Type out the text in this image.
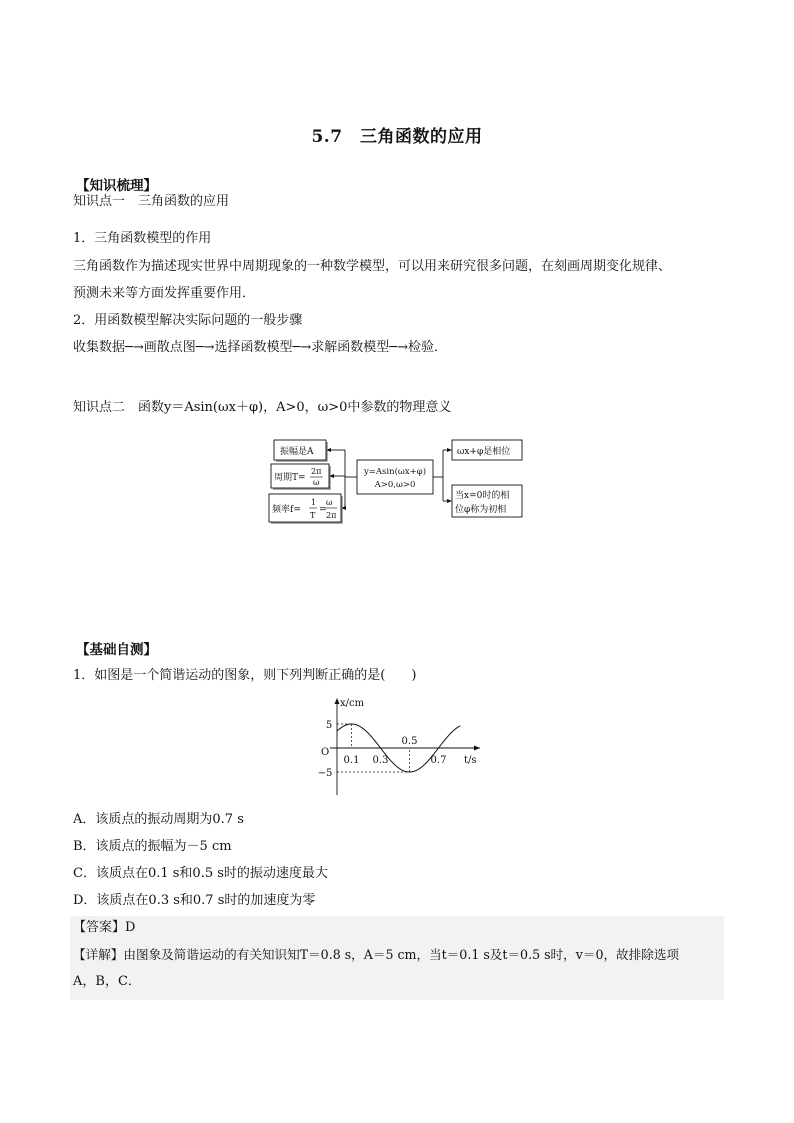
5.7　三角函数的应用
【知识梳理】
知识点一　三角函数的应用
1．三角函数模型的作用
三角函数作为描述现实世界中周期现象的一种数学模型，可以用来研究很多问题，在刻画周期变化规律、
预测未来等方面发挥重要作用．
2．用函数模型解决实际问题的一般步骤
收集数据─→画散点图─→选择函数模型─→求解函数模型─→检验．
知识点二　函数y＝Asin(ωx＋φ)，A>0，ω>0中参数的物理意义
振幅是A
周期T=
2π
ω
频率f=
1
T
=
ω
2π
y=Asin(ωx+φ)
A>0,ω>0
ωx+φ是相位
当x=0时的相
位φ称为初相
【基础自测】
1．如图是一个简谐运动的图象，则下列判断正确的是(　　)
0.1 0.3
0.5
0.7
5
−5
x/cm
t/s
O
A．该质点的振动周期为0.7 s
B．该质点的振幅为－5 cm
C．该质点在0.1 s和0.5 s时的振动速度最大
D．该质点在0.3 s和0.7 s时的加速度为零
【答案】D
【详解】由图象及简谐运动的有关知识知T＝0.8 s，A＝5 cm，当t＝0.1 s及t＝0.5 s时，v＝0，故排除选项
A，B，C．
